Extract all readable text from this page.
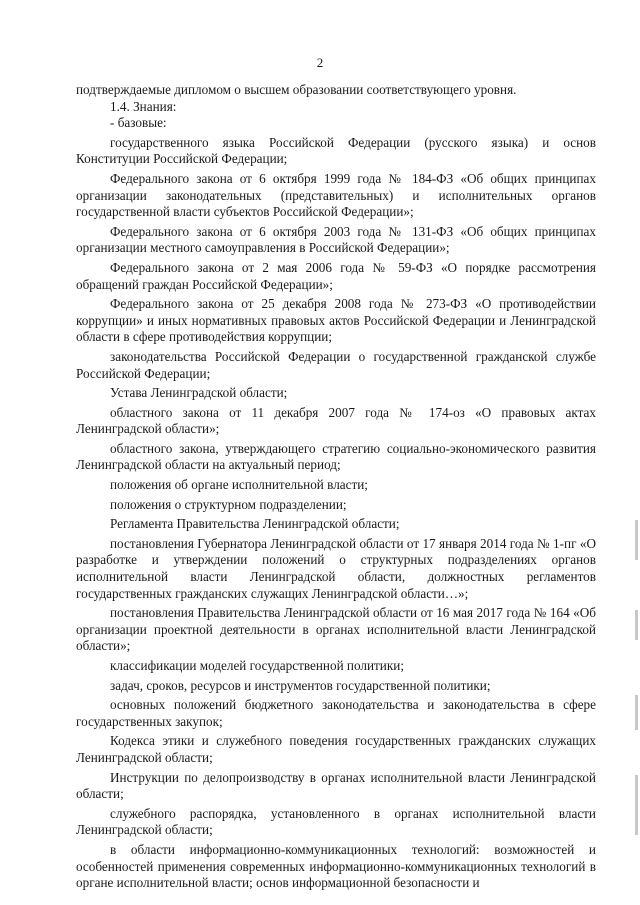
2

подтверждаемые дипломом о высшем образовании соответствующего уровня.

1.4. Знания:

- базовые:

государственного языка Российской Федерации (русского языка) и основ Конституции Российской Федерации;

Федерального закона от 6 октября 1999 года № 184-ФЗ «Об общих принципах организации законодательных (представительных) и исполнительных органов государственной власти субъектов Российской Федерации»;

Федерального закона от 6 октября 2003 года № 131-ФЗ «Об общих принципах организации местного самоуправления в Российской Федерации»;

Федерального закона от 2 мая 2006 года № 59-ФЗ «О порядке рассмотрения обращений граждан Российской Федерации»;

Федерального закона от 25 декабря 2008 года № 273-ФЗ «О противодействии коррупции» и иных нормативных правовых актов Российской Федерации и Ленинградской области в сфере противодействия коррупции;

законодательства Российской Федерации о государственной гражданской службе Российской Федерации;

Устава Ленинградской области;

областного закона от 11 декабря 2007 года № 174-оз «О правовых актах Ленинградской области»;

областного закона, утверждающего стратегию социально-экономического развития Ленинградской области на актуальный период;

положения об органе исполнительной власти;

положения о структурном подразделении;

Регламента Правительства Ленинградской области;

постановления Губернатора Ленинградской области от 17 января 2014 года № 1-пг «О разработке и утверждении положений о структурных подразделениях органов исполнительной власти Ленинградской области, должностных регламентов государственных гражданских служащих Ленинградской области…»;

постановления Правительства Ленинградской области от 16 мая 2017 года № 164 «Об организации проектной деятельности в органах исполнительной власти Ленинградской области»;

классификации моделей государственной политики;

задач, сроков, ресурсов и инструментов государственной политики;

основных положений бюджетного законодательства и законодательства в сфере государственных закупок;

Кодекса этики и служебного поведения государственных гражданских служащих Ленинградской области;

Инструкции по делопроизводству в органах исполнительной власти Ленинградской области;

служебного распорядка, установленного в органах исполнительной власти Ленинградской области;

в области информационно-коммуникационных технологий: возможностей и особенностей применения современных информационно-коммуникационных технологий в органе исполнительной власти; основ информационной безопасности и
